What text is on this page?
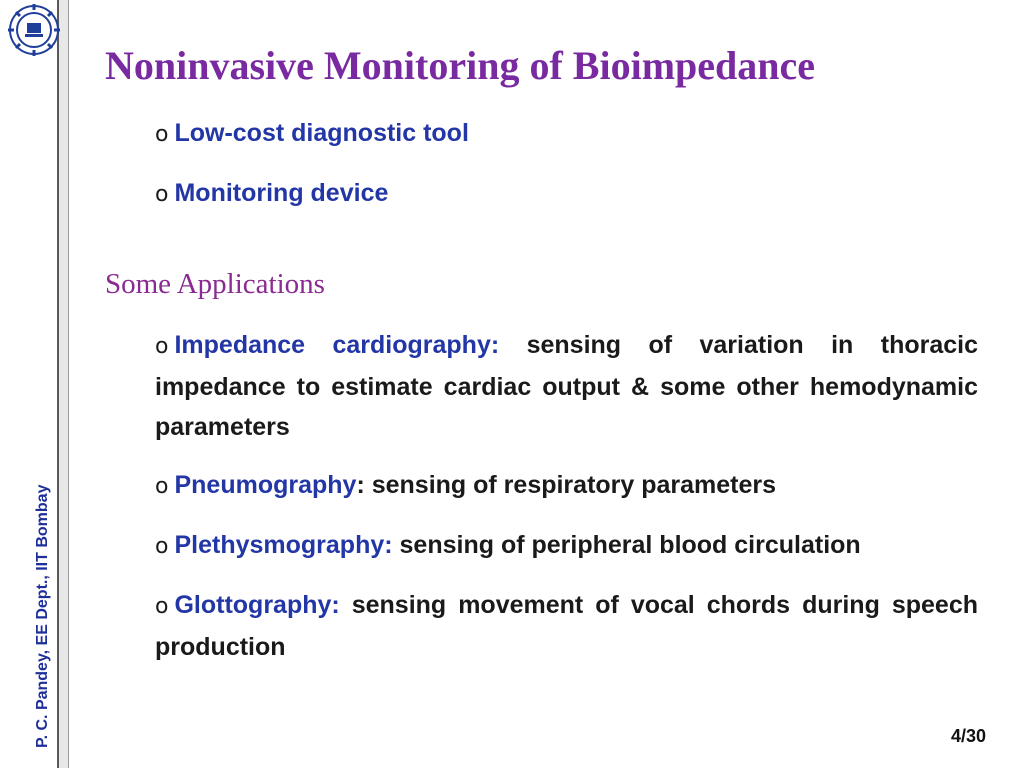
P. C. Pandey, EE Dept., IIT Bombay
Noninvasive Monitoring of Bioimpedance
o Low-cost diagnostic tool
o Monitoring device
Some Applications
o Impedance cardiography: sensing of variation in thoracic impedance to estimate cardiac output & some other hemodynamic parameters
o Pneumography: sensing of respiratory parameters
o Plethysmography: sensing of peripheral blood circulation
o Glottography: sensing movement of vocal chords during speech production
4/30
